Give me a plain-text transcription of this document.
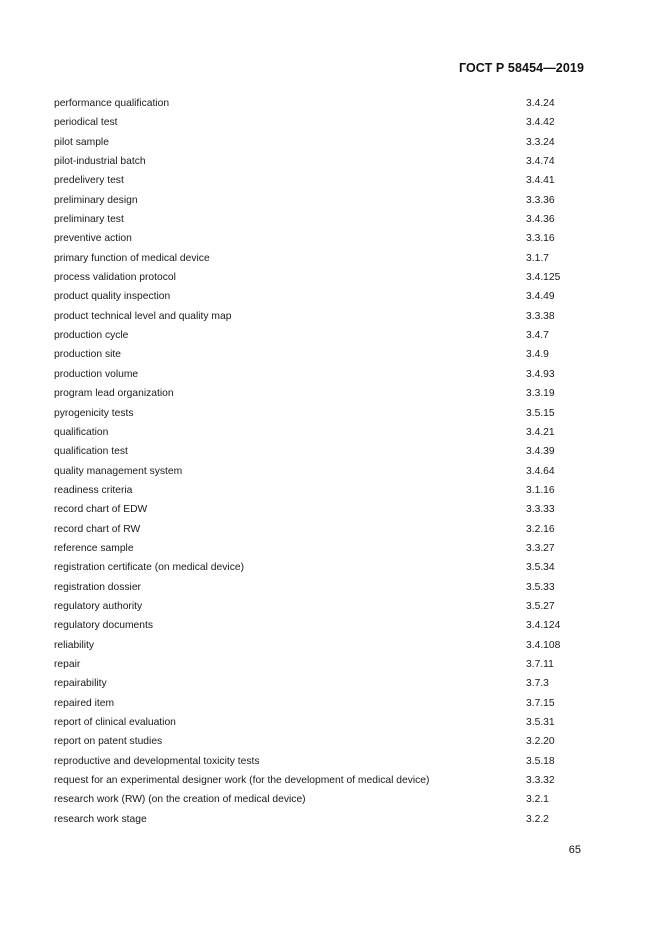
ГОСТ Р 58454—2019
performance qualification	3.4.24
periodical test	3.4.42
pilot sample	3.3.24
pilot-industrial batch	3.4.74
predelivery test	3.4.41
preliminary design	3.3.36
preliminary test	3.4.36
preventive action	3.3.16
primary function of medical device	3.1.7
process validation protocol	3.4.125
product quality inspection	3.4.49
product technical level and quality map	3.3.38
production cycle	3.4.7
production site	3.4.9
production volume	3.4.93
program lead organization	3.3.19
pyrogenicity tests	3.5.15
qualification	3.4.21
qualification test	3.4.39
quality management system	3.4.64
readiness criteria	3.1.16
record chart of EDW	3.3.33
record chart of RW	3.2.16
reference sample	3.3.27
registration certificate (on medical device)	3.5.34
registration dossier	3.5.33
regulatory authority	3.5.27
regulatory documents	3.4.124
reliability	3.4.108
repair	3.7.11
repairability	3.7.3
repaired item	3.7.15
report of clinical evaluation	3.5.31
report on patent studies	3.2.20
reproductive and developmental toxicity tests	3.5.18
request for an experimental designer work (for the development of medical device)	3.3.32
research work (RW) (on the creation of medical device)	3.2.1
research work stage	3.2.2
65
